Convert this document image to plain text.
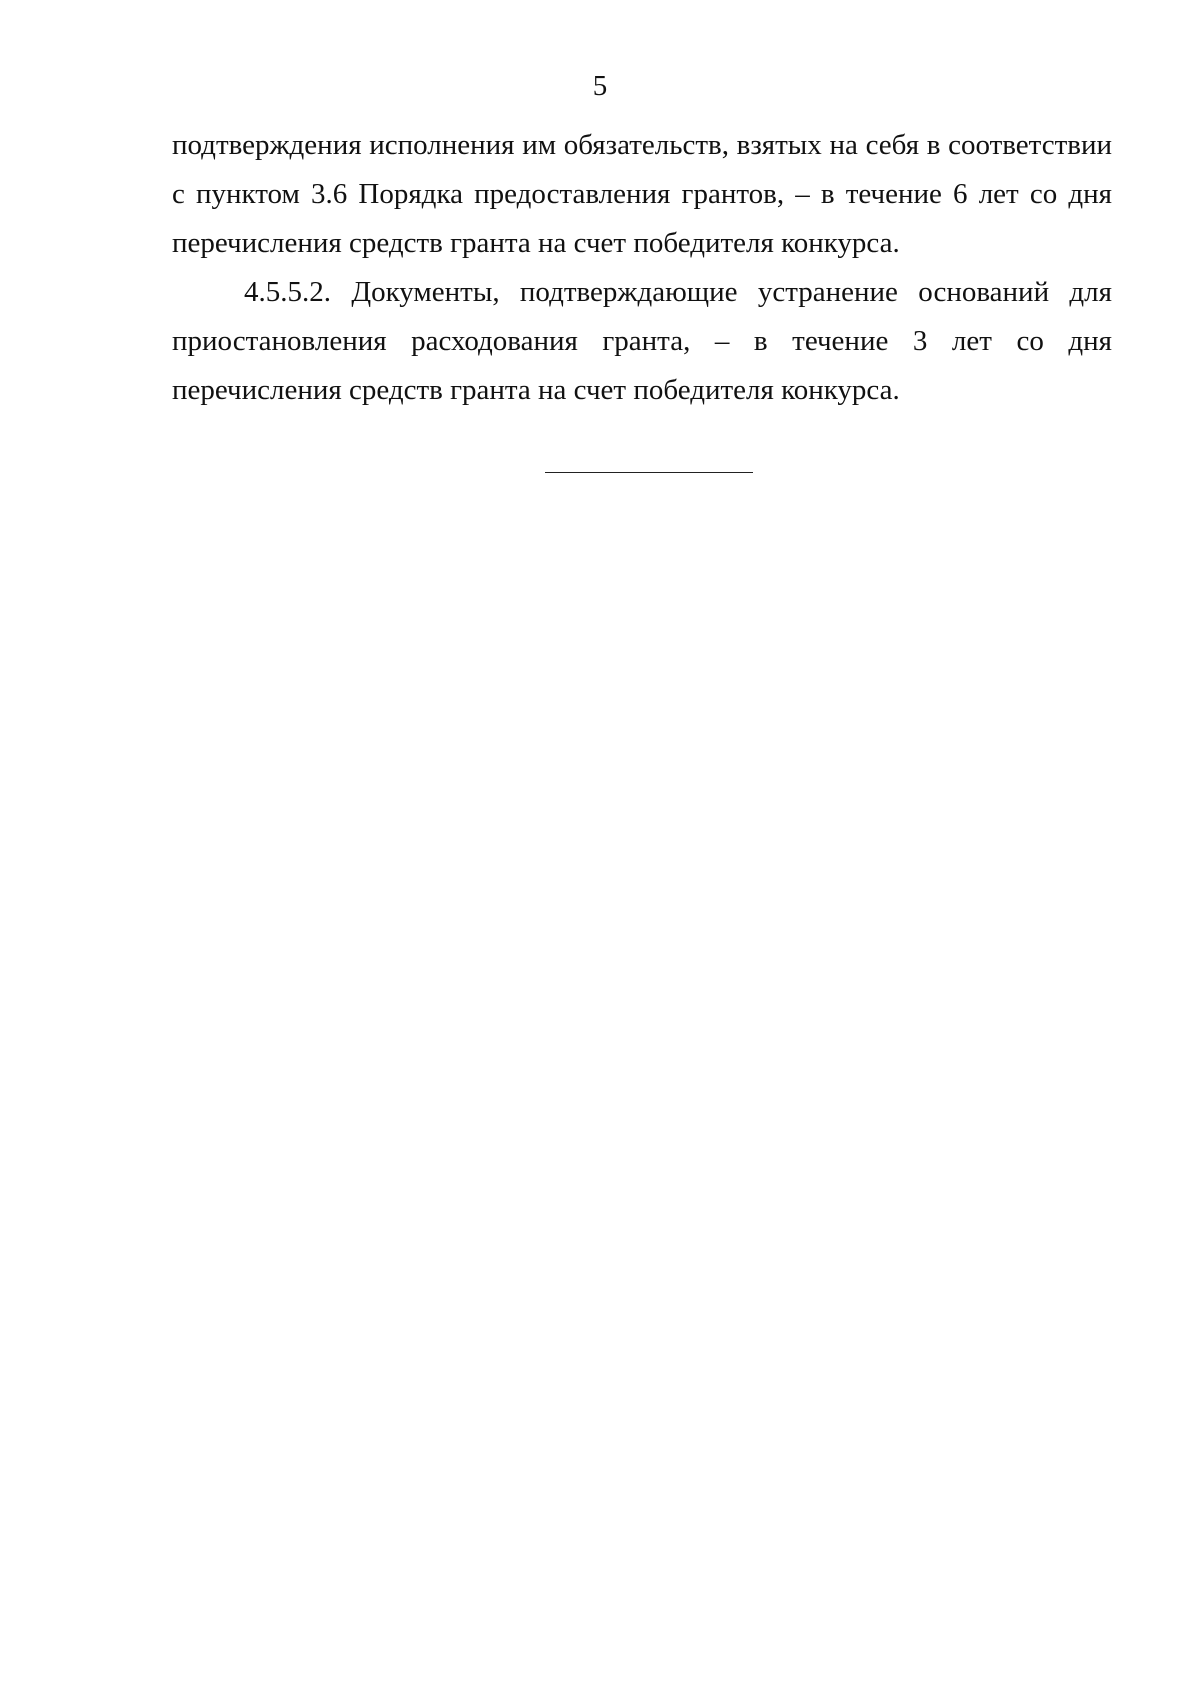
5

подтверждения исполнения им обязательств, взятых на себя в соответствии
с пунктом 3.6 Порядка предоставления грантов, – в течение 6 лет со дня
перечисления средств гранта на счет победителя конкурса.

4.5.5.2. Документы, подтверждающие устранение оснований для
приостановления расходования гранта, – в течение 3 лет со дня
перечисления средств гранта на счет победителя конкурса.
